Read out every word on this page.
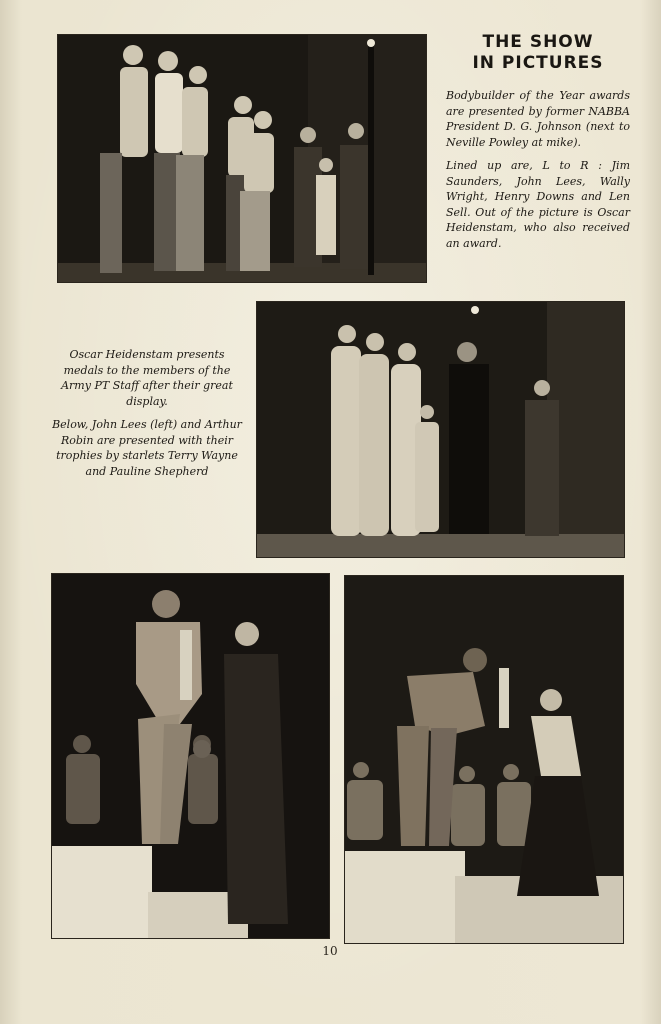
THE SHOW
IN PICTURES

Bodybuilder of the Year awards are presented by former NABBA President D. G. Johnson (next to Neville Powley at mike).

Lined up are, L to R : Jim Saunders, John Lees, Wally Wright, Henry Downs and Len Sell. Out of the picture is Oscar Heidenstam, who also received an award.

Oscar Heidenstam presents medals to the members of the Army PT Staff after their great display.

Below, John Lees (left) and Arthur Robin are presented with their trophies by starlets Terry Wayne and Pauline Shepherd

10
